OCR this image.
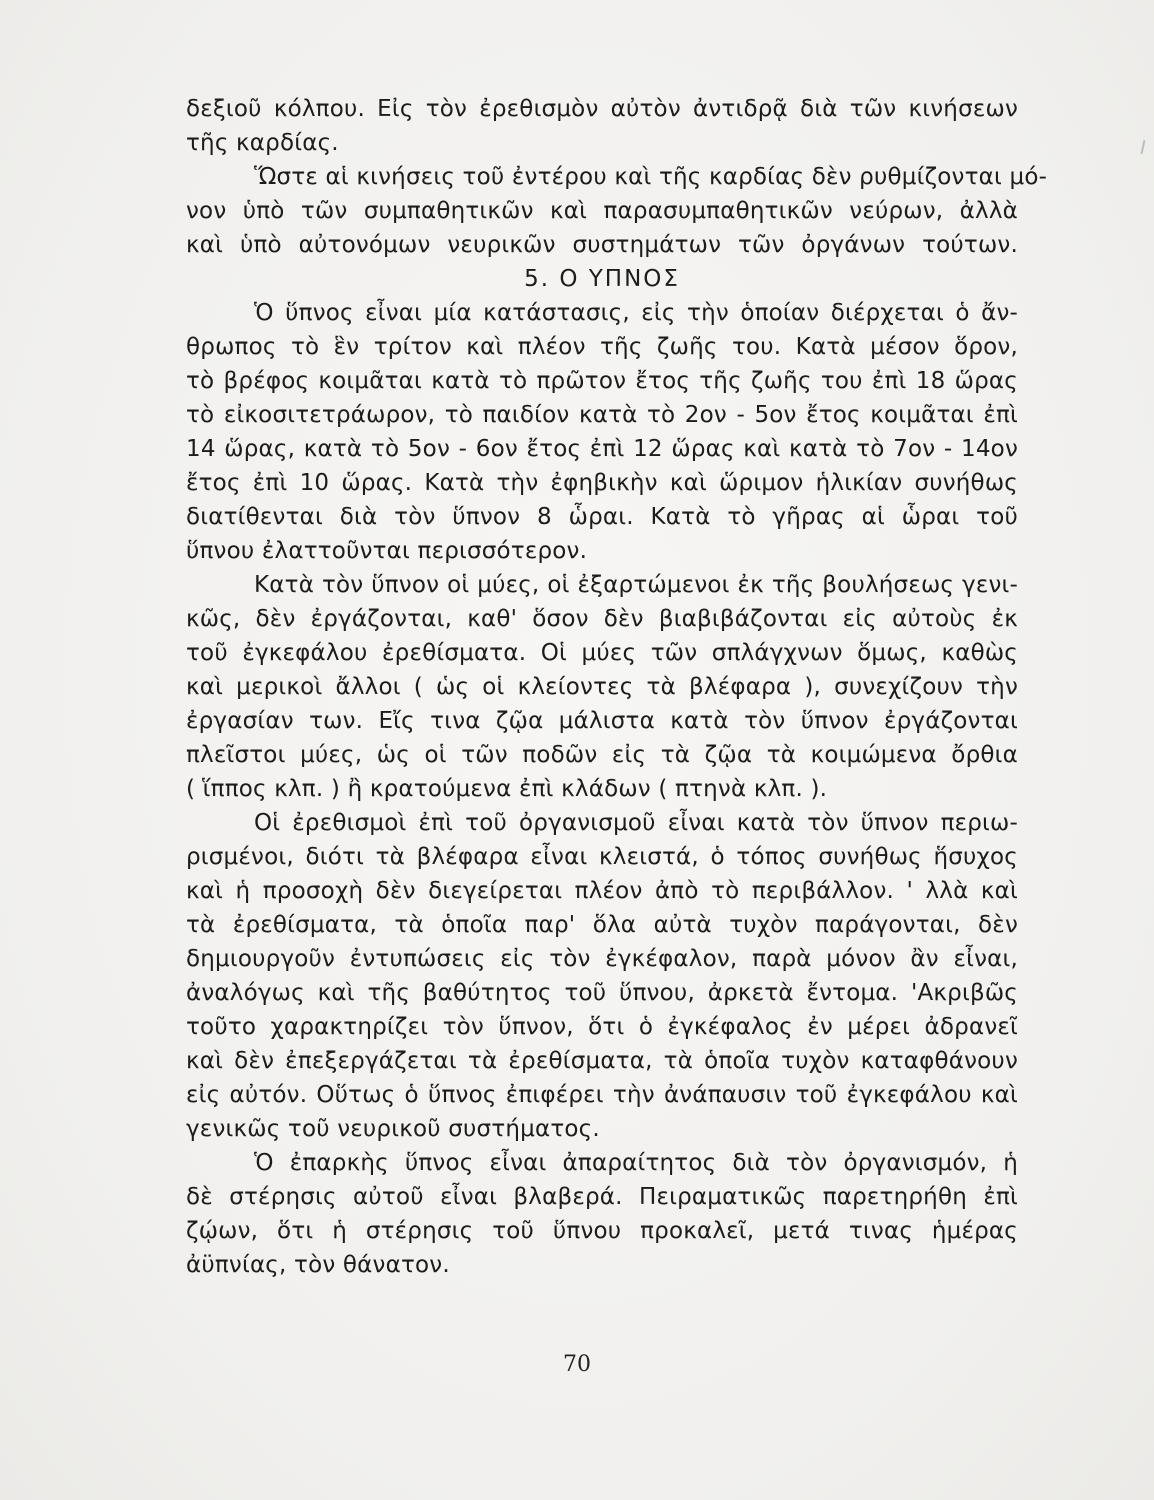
δεξιοῦ κόλπου. Εἰς τὸν ἐρεθισμὸν αὐτὸν ἀντιδρᾷ διὰ τῶν κινήσεων
τῆς καρδίας.
Ὥστε αἱ κινήσεις τοῦ ἐντέρου καὶ τῆς καρδίας δὲν ρυθμίζονται μό-
νον ὑπὸ τῶν συμπαθητικῶν καὶ παρασυμπαθητικῶν νεύρων, ἀλλὰ
καὶ ὑπὸ αὐτονόμων νευρικῶν συστημάτων τῶν ὀργάνων τούτων.
5. Ο ΥΠΝΟΣ
Ὁ ὕπνος εἶναι μία κατάστασις, εἰς τὴν ὁποίαν διέρχεται ὁ ἄν-
θρωπος τὸ ἓν τρίτον καὶ πλέον τῆς ζωῆς του. Κατὰ μέσον ὅρον,
τὸ βρέφος κοιμᾶται κατὰ τὸ πρῶτον ἔτος τῆς ζωῆς του ἐπὶ 18 ὥρας
τὸ εἰκοσιτετράωρον, τὸ παιδίον κατὰ τὸ 2ον - 5ον ἔτος κοιμᾶται ἐπὶ
14 ὥρας, κατὰ τὸ 5ον - 6ον ἔτος ἐπὶ 12 ὥρας καὶ κατὰ τὸ 7ον - 14ον
ἔτος ἐπὶ 10 ὥρας. Κατὰ τὴν ἐφηβικὴν καὶ ὥριμον ἡλικίαν συνήθως
διατίθενται διὰ τὸν ὕπνον 8 ὧραι. Κατὰ τὸ γῆρας αἱ ὧραι τοῦ
ὕπνου ἐλαττοῦνται περισσότερον.
Κατὰ τὸν ὕπνον οἱ μύες, οἱ ἐξαρτώμενοι ἐκ τῆς βουλήσεως γενι-
κῶς, δὲν ἐργάζονται, καθ' ὅσον δὲν βιαβιβάζονται εἰς αὐτοὺς ἐκ
τοῦ ἐγκεφάλου ἐρεθίσματα. Οἱ μύες τῶν σπλάγχνων ὅμως, καθὼς
καὶ μερικοὶ ἄλλοι ( ὡς οἱ κλείοντες τὰ βλέφαρα ), συνεχίζουν τὴν
ἐργασίαν των. Εἴς τινα ζῷα μάλιστα κατὰ τὸν ὕπνον ἐργάζονται
πλεῖστοι μύες, ὡς οἱ τῶν ποδῶν εἰς τὰ ζῷα τὰ κοιμώμενα ὄρθια
( ἵππος κλπ. ) ἢ κρατούμενα ἐπὶ κλάδων ( πτηνὰ κλπ. ).
Οἱ ἐρεθισμοὶ ἐπὶ τοῦ ὀργανισμοῦ εἶναι κατὰ τὸν ὕπνον περιω-
ρισμένοι, διότι τὰ βλέφαρα εἶναι κλειστά, ὁ τόπος συνήθως ἥσυχος
καὶ ἡ προσοχὴ δὲν διεγείρεται πλέον ἀπὸ τὸ περιβάλλον. ' λλὰ καὶ
τὰ ἐρεθίσματα, τὰ ὁποῖα παρ' ὅλα αὐτὰ τυχὸν παράγονται, δὲν
δημιουργοῦν ἐντυπώσεις εἰς τὸν ἐγκέφαλον, παρὰ μόνον ἂν εἶναι,
ἀναλόγως καὶ τῆς βαθύτητος τοῦ ὕπνου, ἀρκετὰ ἔντομα. 'Ακριβῶς
τοῦτο χαρακτηρίζει τὸν ὕπνον, ὅτι ὁ ἐγκέφαλος ἐν μέρει ἀδρανεῖ
καὶ δὲν ἐπεξεργάζεται τὰ ἐρεθίσματα, τὰ ὁποῖα τυχὸν καταφθάνουν
εἰς αὐτόν. Οὕτως ὁ ὕπνος ἐπιφέρει τὴν ἀνάπαυσιν τοῦ ἐγκεφάλου καὶ
γενικῶς τοῦ νευρικοῦ συστήματος.
Ὁ ἐπαρκὴς ὕπνος εἶναι ἀπαραίτητος διὰ τὸν ὀργανισμόν, ἡ
δὲ στέρησις αὐτοῦ εἶναι βλαβερά. Πειραματικῶς παρετηρήθη ἐπὶ
ζῴων, ὅτι ἡ στέρησις τοῦ ὕπνου προκαλεῖ, μετά τινας ἡμέρας
ἀϋπνίας, τὸν θάνατον.
70
